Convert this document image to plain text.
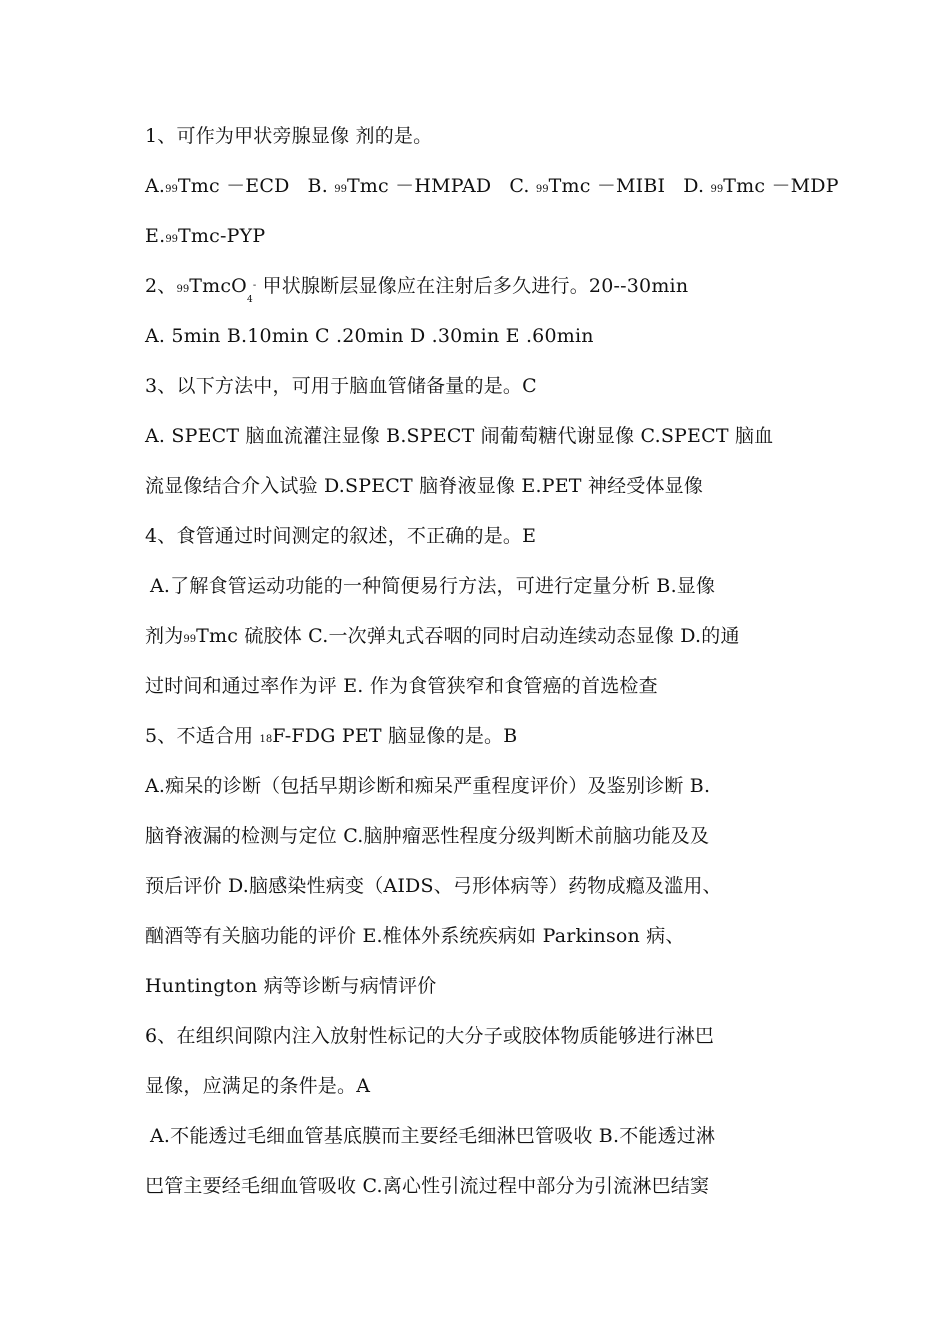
1、可作为甲状旁腺显像 剂的是。
A.99Tmc －ECD B. 99Tmc －HMPAD C. 99Tmc －MIBI D. 99Tmc －MDP
E.99Tmc-PYP
2、99TmcO$_4$- 甲状腺断层显像应在注射后多久进行。20--30min
A. 5min B.10min C .20min D .30min E .60min
3、以下方法中，可用于脑血管储备量的是。C
A. SPECT 脑血流灌注显像 B.SPECT 闹葡萄糖代谢显像 C.SPECT 脑血
流显像结合介入试验 D.SPECT 脑脊液显像 E.PET 神经受体显像
4、食管通过时间测定的叙述，不正确的是。E
A.了解食管运动功能的一种简便易行方法，可进行定量分析 B.显像
剂为99Tmc 硫胶体 C.一次弹丸式吞咽的同时启动连续动态显像 D.的通
过时间和通过率作为评 E. 作为食管狭窄和食管癌的首选检查
5、不适合用 18F-FDG PET 脑显像的是。B
A.痴呆的诊断（包括早期诊断和痴呆严重程度评价）及鉴别诊断 B.
脑脊液漏的检测与定位 C.脑肿瘤恶性程度分级判断术前脑功能及及
预后评价 D.脑感染性病变（AIDS、弓形体病等）药物成瘾及滥用、
酗酒等有关脑功能的评价 E.椎体外系统疾病如 Parkinson 病、
Huntington 病等诊断与病情评价
6、在组织间隙内注入放射性标记的大分子或胶体物质能够进行淋巴
显像，应满足的条件是。A
A.不能透过毛细血管基底膜而主要经毛细淋巴管吸收 B.不能透过淋
巴管主要经毛细血管吸收 C.离心性引流过程中部分为引流淋巴结窦
